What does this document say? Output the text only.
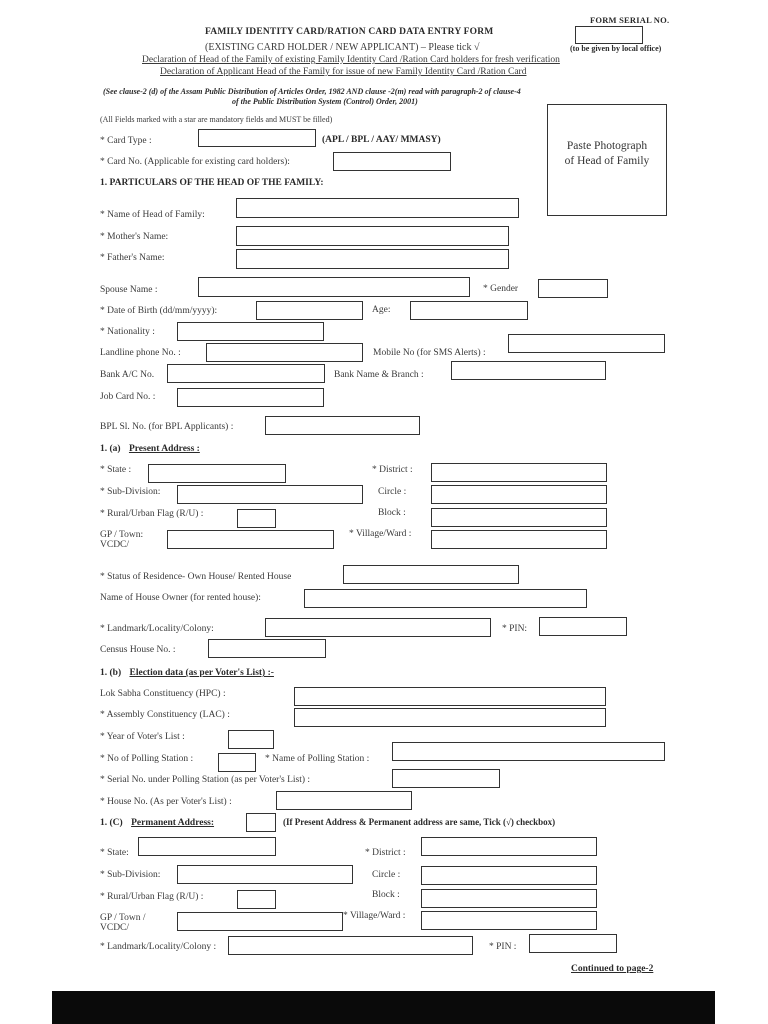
FAMILY IDENTITY CARD/RATION CARD DATA ENTRY FORM
FORM SERIAL NO.
(to be given by local office)
(EXISTING CARD HOLDER / NEW APPLICANT) – Please tick √
Declaration of Head of the Family of existing Family Identity Card /Ration Card holders for fresh verification
Declaration of Applicant Head of the Family for issue of new Family Identity Card /Ration Card
(See clause-2 (d) of the Assam Public Distribution of Articles Order, 1982 AND clause -2(m) read with paragraph-2 of clause-4
of the Public Distribution System (Control) Order, 2001)
(All Fields marked with a star are mandatory fields and MUST be filled)
Paste Photograph
of Head of Family
* Card Type :	(APL / BPL / AAY/ MMASY)
* Card No. (Applicable for existing card holders):
1. PARTICULARS OF THE HEAD OF THE FAMILY:
* Name of Head of Family:
* Mother's Name:
* Father's Name:
Spouse Name :	* Gender
* Date of Birth (dd/mm/yyyy):	Age:
* Nationality :
Landline phone No. :	Mobile No (for SMS Alerts) :
Bank A/C No.	Bank Name & Branch :
Job Card No. :
BPL Sl. No. (for BPL Applicants) :
1. (a) Present Address :
* State :	* District :
* Sub-Division:	Circle :
* Rural/Urban Flag (R/U) :	Block :
GP / Town:
VCDC/
* Village/Ward :
* Status of Residence- Own House/ Rented House
Name of House Owner (for rented house):
* Landmark/Locality/Colony:	* PIN:
Census House No. :
1. (b) Election data (as per Voter's List) :-
Lok Sabha Constituency (HPC) :
* Assembly Constituency (LAC) :
* Year of Voter's List :
* No of Polling Station :	* Name of Polling Station :
* Serial No. under Polling Station (as per Voter's List) :
* House No. (As per Voter's List) :
1. (C) Permanent Address:	(If Present Address & Permanent address are same, Tick (√) checkbox)
* State:	* District :
* Sub-Division:	Circle :
* Rural/Urban Flag (R/U) :	Block :
GP / Town /
VCDC/
* Village/Ward :
* Landmark/Locality/Colony :	* PIN :
Continued to page-2
